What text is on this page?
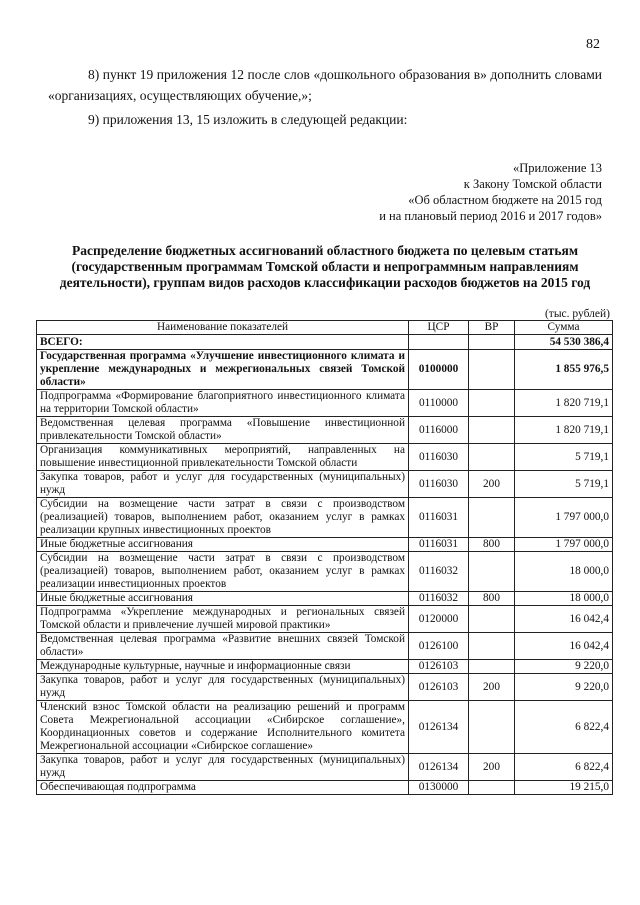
82
8) пункт 19 приложения 12 после слов «дошкольного образования в» дополнить словами «организациях, осуществляющих обучение,»;
9) приложения 13, 15 изложить в следующей редакции:
«Приложение 13
к Закону Томской области
«Об областном бюджете на 2015 год
и на плановый период 2016 и 2017 годов»
Распределение бюджетных ассигнований областного бюджета по целевым статьям (государственным программам Томской области и непрограммным направлениям деятельности), группам видов расходов классификации расходов бюджетов на 2015 год
(тыс. рублей)
Наименование показателей	ЦСР	ВР	Сумма
ВСЕГО:			54 530 386,4
Государственная программа «Улучшение инвестиционного климата и укрепление международных и межрегиональных связей Томской области»	0100000		1 855 976,5
Подпрограмма «Формирование благоприятного инвестиционного климата на территории Томской области»	0110000		1 820 719,1
Ведомственная целевая программа «Повышение инвестиционной привлекательности Томской области»	0116000		1 820 719,1
Организация коммуникативных мероприятий, направленных на повышение инвестиционной привлекательности Томской области	0116030		5 719,1
Закупка товаров, работ и услуг для государственных (муниципальных) нужд	0116030	200	5 719,1
Субсидии на возмещение части затрат в связи с производством (реализацией) товаров, выполнением работ, оказанием услуг в рамках реализации крупных инвестиционных проектов	0116031		1 797 000,0
Иные бюджетные ассигнования	0116031	800	1 797 000,0
Субсидии на возмещение части затрат в связи с производством (реализацией) товаров, выполнением работ, оказанием услуг в рамках реализации инвестиционных проектов	0116032		18 000,0
Иные бюджетные ассигнования	0116032	800	18 000,0
Подпрограмма «Укрепление международных и региональных связей Томской области и привлечение лучшей мировой практики»	0120000		16 042,4
Ведомственная целевая программа «Развитие внешних связей Томской области»	0126100		16 042,4
Международные культурные, научные и информационные связи	0126103		9 220,0
Закупка товаров, работ и услуг для государственных (муниципальных) нужд	0126103	200	9 220,0
Членский взнос Томской области на реализацию решений и программ Совета Межрегиональной ассоциации «Сибирское соглашение», Координационных советов и содержание Исполнительного комитета Межрегиональной ассоциации «Сибирское соглашение»	0126134		6 822,4
Закупка товаров, работ и услуг для государственных (муниципальных) нужд	0126134	200	6 822,4
Обеспечивающая подпрограмма	0130000		19 215,0
